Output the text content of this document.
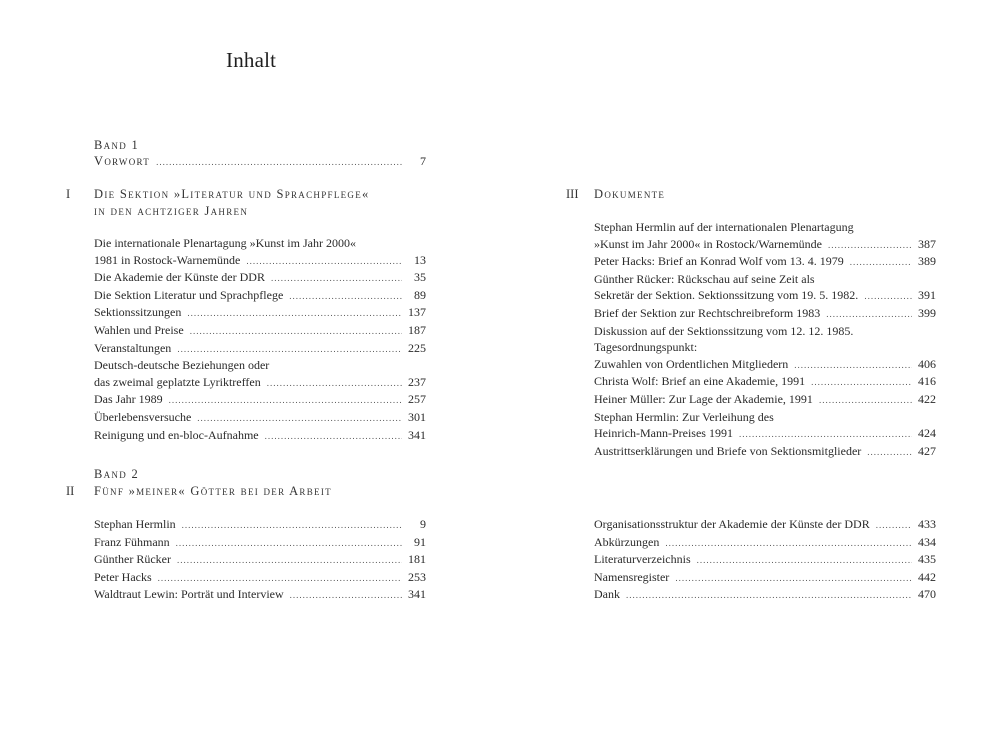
Inhalt
Band 1
Vorwort .....	7
I Die Sektion »Literatur und Sprachpflege«
in den achtziger Jahren
Die internationale Plenartagung »Kunst im Jahr 2000«
1981 in Rostock-Warnemünde .....	13
Die Akademie der Künste der DDR .....	35
Die Sektion Literatur und Sprachpflege .....	89
Sektionssitzungen .....	137
Wahlen und Preise .....	187
Veranstaltungen .....	225
Deutsch-deutsche Beziehungen oder
das zweimal geplatzte Lyriktreffen .....	237
Das Jahr 1989 .....	257
Überlebensversuche .....	301
Reinigung und en-bloc-Aufnahme .....	341
Band 2
II Fünf »meiner« Götter bei der Arbeit
Stephan Hermlin .....	9
Franz Fühmann .....	91
Günther Rücker .....	181
Peter Hacks .....	253
Waldtraut Lewin: Porträt und Interview .....	341
III Dokumente
Stephan Hermlin auf der internationalen Plenartagung
»Kunst im Jahr 2000« in Rostock/Warnemünde .....	387
Peter Hacks: Brief an Konrad Wolf vom 13. 4. 1979 .....	389
Günther Rücker: Rückschau auf seine Zeit als
Sekretär der Sektion. Sektionssitzung vom 19. 5. 1982. .....	391
Brief der Sektion zur Rechtschreibreform 1983 .....	399
Diskussion auf der Sektionssitzung vom 12. 12. 1985.
Tagesordnungspunkt:
Zuwahlen von Ordentlichen Mitgliedern .....	406
Christa Wolf: Brief an eine Akademie, 1991 .....	416
Heiner Müller: Zur Lage der Akademie, 1991 .....	422
Stephan Hermlin: Zur Verleihung des
Heinrich-Mann-Preises 1991 .....	424
Austrittserklärungen und Briefe von Sektionsmitglieder .....	427
Organisationsstruktur der Akademie der Künste der DDR .....	433
Abkürzungen .....	434
Literaturverzeichnis .....	435
Namensregister .....	442
Dank .....	470
